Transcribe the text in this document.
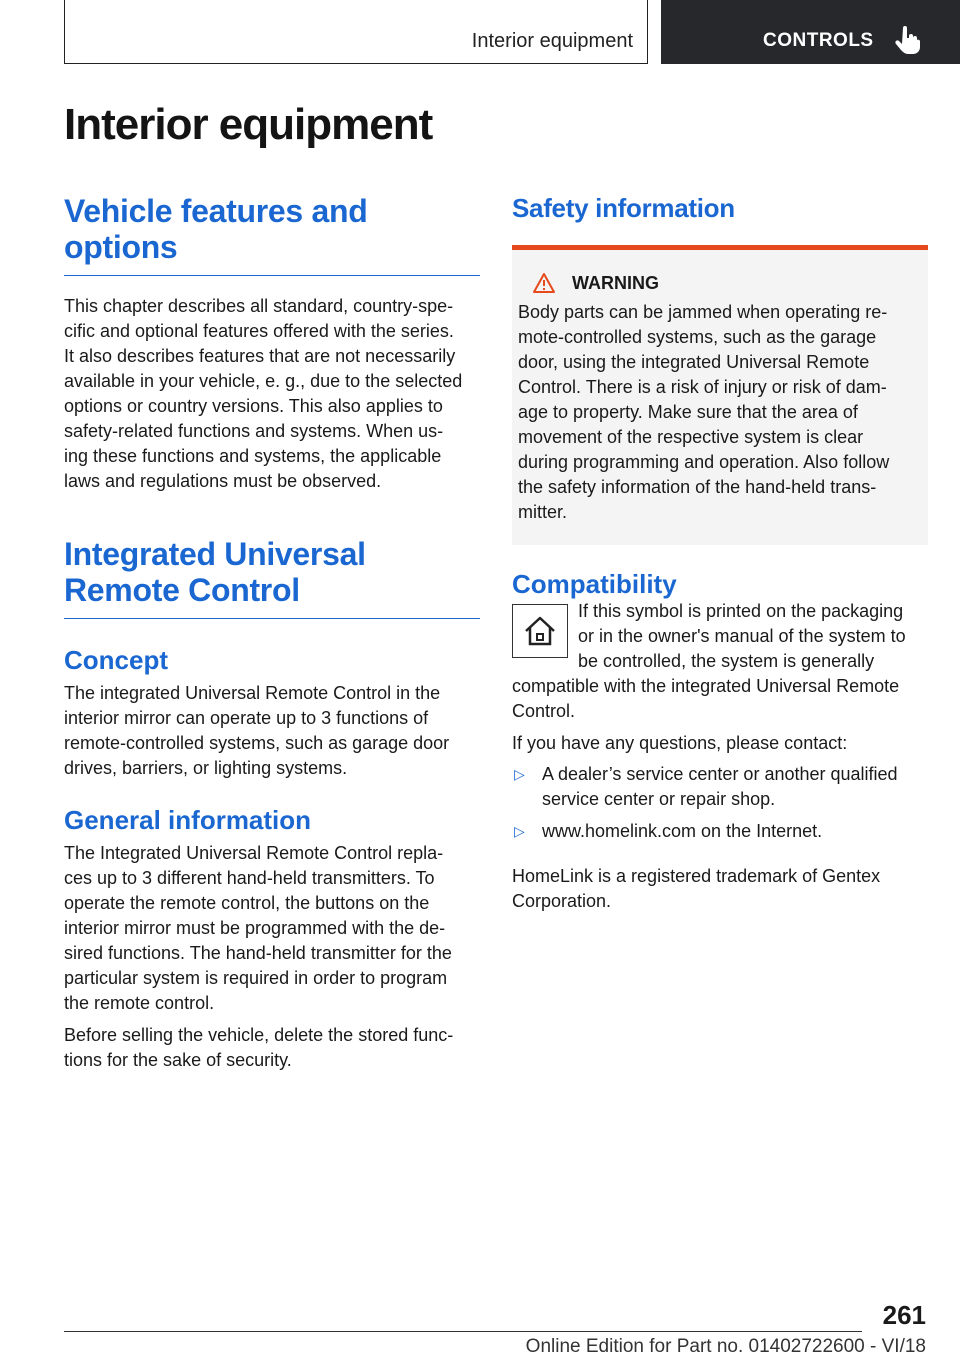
Interior equipment	CONTROLS
Interior equipment
Vehicle features and
options

This chapter describes all standard, country-spe-
cific and optional features offered with the series.
It also describes features that are not necessarily
available in your vehicle, e. g., due to the selected
options or country versions. This also applies to
safety-related functions and systems. When us-
ing these functions and systems, the applicable
laws and regulations must be observed.

Integrated Universal
Remote Control
Concept

The integrated Universal Remote Control in the
interior mirror can operate up to 3 functions of
remote-controlled systems, such as garage door
drives, barriers, or lighting systems.

General information

The Integrated Universal Remote Control repla-
ces up to 3 different hand-held transmitters. To
operate the remote control, the buttons on the
interior mirror must be programmed with the de-
sired functions. The hand-held transmitter for the
particular system is required in order to program
the remote control.

Before selling the vehicle, delete the stored func-
tions for the sake of security.

Safety information
WARNING

Body parts can be jammed when operating re-
mote-controlled systems, such as the garage
door, using the integrated Universal Remote
Control. There is a risk of injury or risk of dam-
age to property. Make sure that the area of
movement of the respective system is clear
during programming and operation. Also follow
the safety information of the hand-held trans-
mitter.

Compatibility

If this symbol is printed on the packaging
or in the owner's manual of the system to
be controlled, the system is generally
compatible with the integrated Universal Remote
Control.

If you have any questions, please contact:

▷ A dealer’s service center or another qualified
service center or repair shop.
▷ www.homelink.com on the Internet.

HomeLink is a registered trademark of Gentex
Corporation.

261
Online Edition for Part no. 01402722600 - VI/18
